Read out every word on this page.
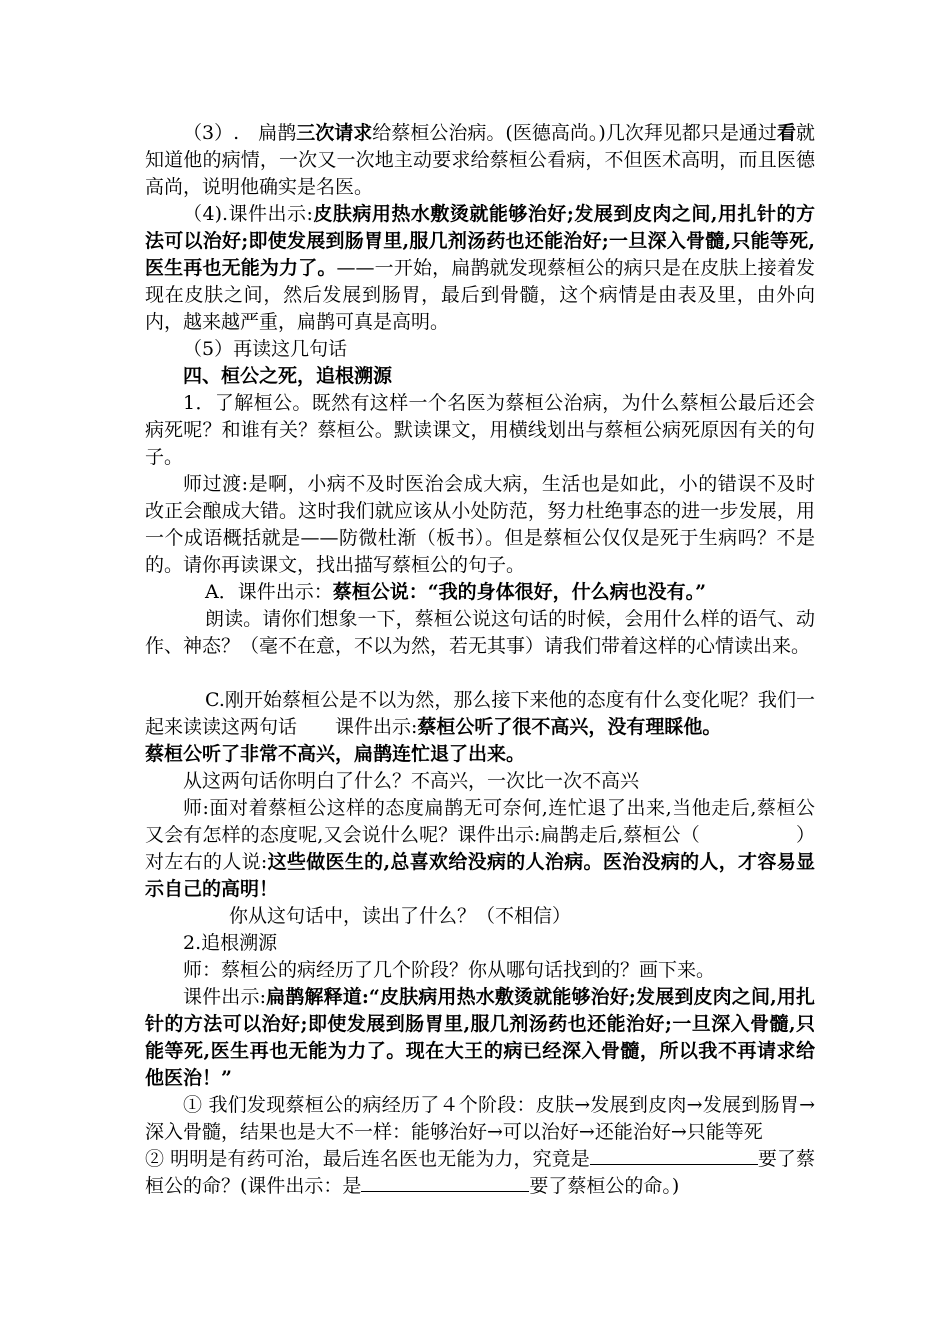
（3）.　扁鹊三次请求给蔡桓公治病。(医德高尚。)几次拜见都只是通过看就知道他的病情，一次又一次地主动要求给蔡桓公看病，不但医术高明，而且医德高尚，说明他确实是名医。

（4).课件出示:皮肤病用热水敷烫就能够治好;发展到皮肉之间,用扎针的方法可以治好;即使发展到肠胃里,服几剂汤药也还能治好;一旦深入骨髓,只能等死,医生再也无能为力了。——一开始，扁鹊就发现蔡桓公的病只是在皮肤上接着发现在皮肤之间，然后发展到肠胃，最后到骨髓，这个病情是由表及里，由外向内，越来越严重，扁鹊可真是高明。

（5）再读这几句话

四、桓公之死，追根溯源

1．了解桓公。既然有这样一个名医为蔡桓公治病，为什么蔡桓公最后还会病死呢？和谁有关？蔡桓公。默读课文，用横线划出与蔡桓公病死原因有关的句子。

师过渡:是啊，小病不及时医治会成大病，生活也是如此，小的错误不及时改正会酿成大错。这时我们就应该从小处防范，努力杜绝事态的进一步发展，用一个成语概括就是——防微杜渐（板书）。但是蔡桓公仅仅是死于生病吗？不是的。请你再读课文，找出描写蔡桓公的句子。

A．课件出示：蔡桓公说：“我的身体很好，什么病也没有。”

朗读。请你们想象一下，蔡桓公说这句话的时候，会用什么样的语气、动作、神态？（毫不在意，不以为然，若无其事）请我们带着这样的心情读出来。

C.刚开始蔡桓公是不以为然，那么接下来他的态度有什么变化呢？我们一起来读读这两句话　　课件出示:蔡桓公听了很不高兴，没有理睬他。

蔡桓公听了非常不高兴，扁鹊连忙退了出来。

从这两句话你明白了什么？不高兴，一次比一次不高兴

师:面对着蔡桓公这样的态度扁鹊无可奈何,连忙退了出来,当他走后,蔡桓公又会有怎样的态度呢,又会说什么呢？课件出示:扁鹊走后,蔡桓公（	）对左右的人说:这些做医生的,总喜欢给没病的人治病。医治没病的人，才容易显示自己的高明！

你从这句话中，读出了什么？（不相信）

2.追根溯源

师：蔡桓公的病经历了几个阶段？你从哪句话找到的？画下来。

课件出示:扁鹊解释道:“皮肤病用热水敷烫就能够治好;发展到皮肉之间,用扎针的方法可以治好;即使发展到肠胃里,服几剂汤药也还能治好;一旦深入骨髓,只能等死,医生再也无能为力了。现在大王的病已经深入骨髓，所以我不再请求给他医治！”

① 我们发现蔡桓公的病经历了４个阶段：皮肤→发展到皮肉→发展到肠胃→深入骨髓，结果也是大不一样：能够治好→可以治好→还能治好→只能等死

② 明明是有药可治，最后连名医也无能为力，究竟是	要了蔡桓公的命？(课件出示：是	要了蔡桓公的命。)
